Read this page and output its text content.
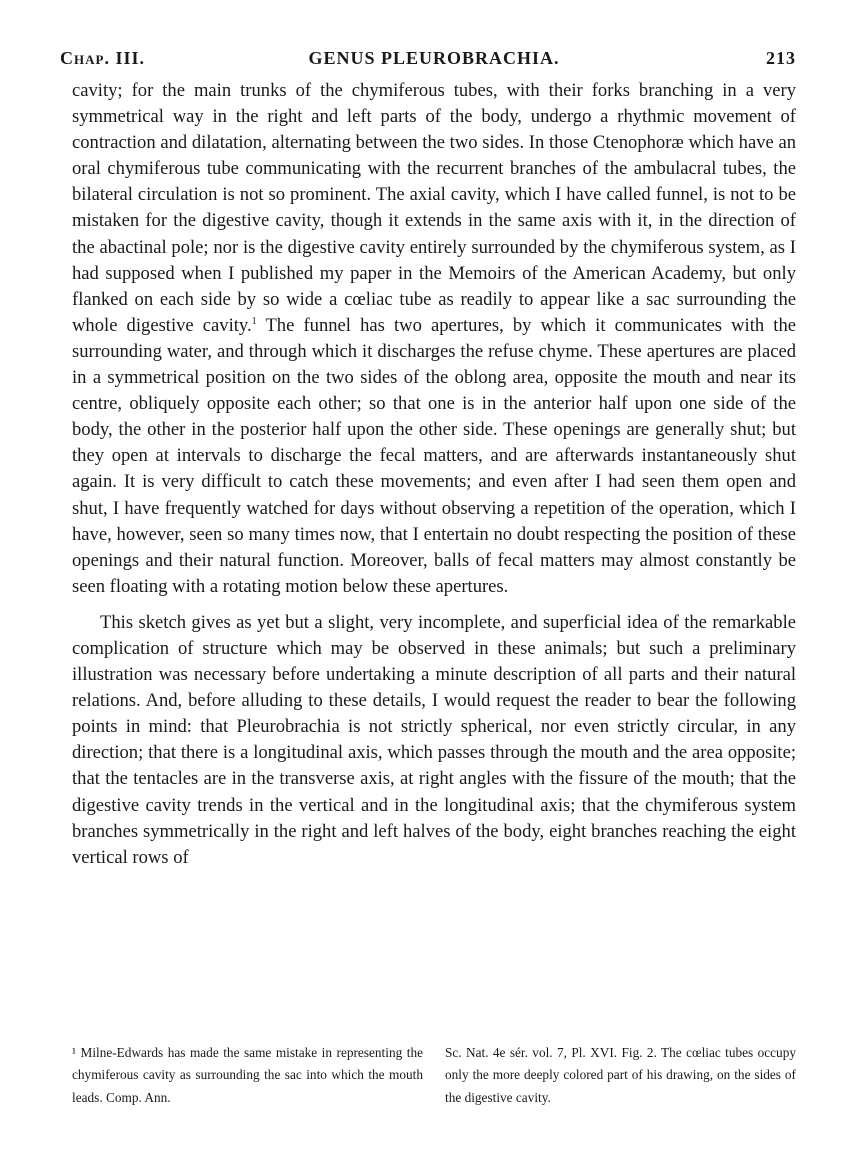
Chap. III.	GENUS PLEUROBRACHIA.	213

cavity; for the main trunks of the chymiferous tubes, with their forks branching in a very symmetrical way in the right and left parts of the body, undergo a rhythmic movement of contraction and dilatation, alternating between the two sides. In those Ctenophoræ which have an oral chymiferous tube communicating with the recurrent branches of the ambulacral tubes, the bilateral circulation is not so prominent. The axial cavity, which I have called funnel, is not to be mistaken for the digestive cavity, though it extends in the same axis with it, in the direction of the abactinal pole; nor is the digestive cavity entirely surrounded by the chymiferous system, as I had supposed when I published my paper in the Memoirs of the American Academy, but only flanked on each side by so wide a cœliac tube as readily to appear like a sac surrounding the whole digestive cavity.$^1$ The funnel has two apertures, by which it communicates with the surrounding water, and through which it discharges the refuse chyme. These apertures are placed in a symmetrical position on the two sides of the oblong area, opposite the mouth and near its centre, obliquely opposite each other; so that one is in the anterior half upon one side of the body, the other in the posterior half upon the other side. These openings are generally shut; but they open at intervals to discharge the fecal matters, and are afterwards instantaneously shut again. It is very difficult to catch these movements; and even after I had seen them open and shut, I have frequently watched for days without observing a repetition of the operation, which I have, however, seen so many times now, that I entertain no doubt respecting the position of these openings and their natural function. Moreover, balls of fecal matters may almost constantly be seen floating with a rotating motion below these apertures.

This sketch gives as yet but a slight, very incomplete, and superficial idea of the remarkable complication of structure which may be observed in these animals; but such a preliminary illustration was necessary before undertaking a minute description of all parts and their natural relations. And, before alluding to these details, I would request the reader to bear the following points in mind: that Pleurobrachia is not strictly spherical, nor even strictly circular, in any direction; that there is a longitudinal axis, which passes through the mouth and the area opposite; that the tentacles are in the transverse axis, at right angles with the fissure of the mouth; that the digestive cavity trends in the vertical and in the longitudinal axis; that the chymiferous system branches symmetrically in the right and left halves of the body, eight branches reaching the eight vertical rows of

¹ Milne-Edwards has made the same mistake in representing the chymiferous cavity as surrounding the sac into which the mouth leads. Comp. Ann.
Sc. Nat. 4e sér. vol. 7, Pl. XVI. Fig. 2. The cœliac tubes occupy only the more deeply colored part of his drawing, on the sides of the digestive cavity.
